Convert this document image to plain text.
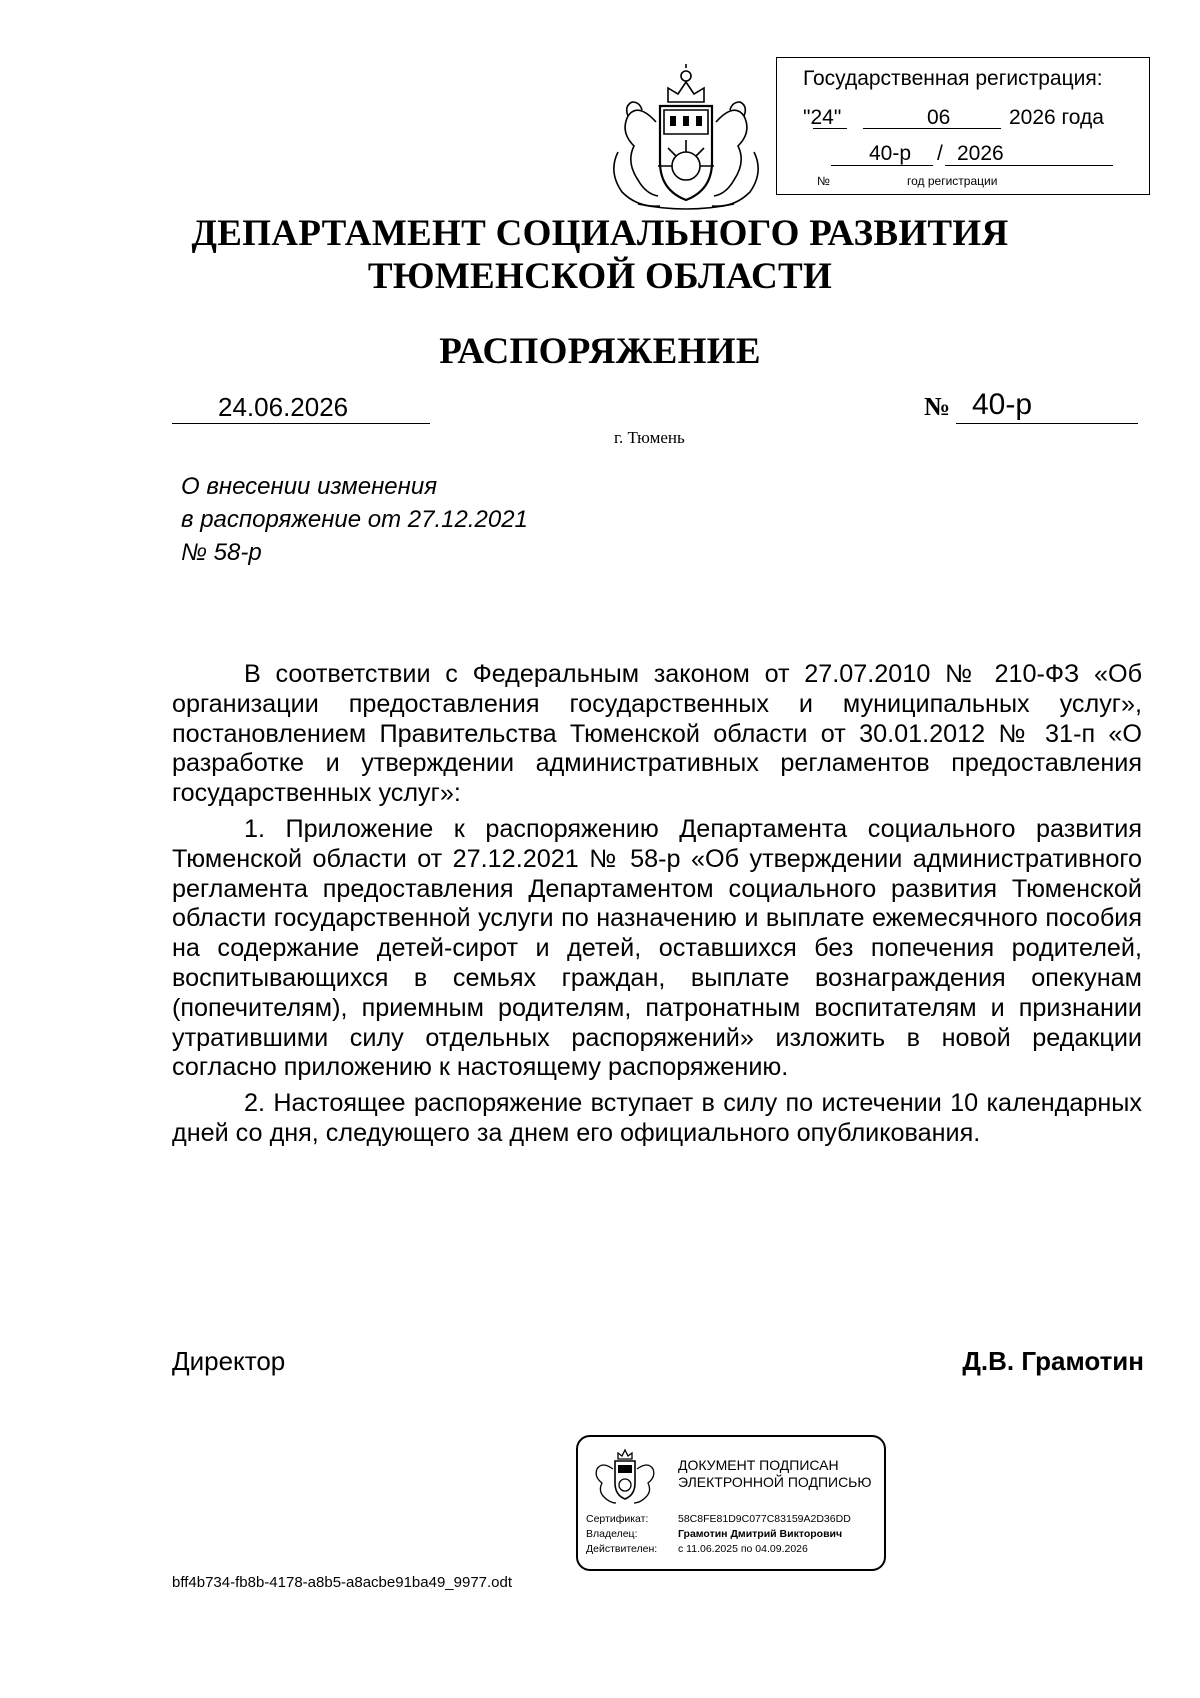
Государственная регистрация:
"24"	06	2026 года
40-р / 2026
№	год регистрации
ДЕПАРТАМЕНТ СОЦИАЛЬНОГО РАЗВИТИЯ
ТЮМЕНСКОЙ ОБЛАСТИ
РАСПОРЯЖЕНИЕ
24.06.2026	№ 40-р
г. Тюмень
О внесении изменения
в распоряжение от 27.12.2021
№ 58-р

В соответствии с Федеральным законом от 27.07.2010 № 210-ФЗ «Об организации предоставления государственных и муниципальных услуг», постановлением Правительства Тюменской области от 30.01.2012 № 31-п «О разработке и утверждении административных регламентов предоставления государственных услуг»:

1. Приложение к распоряжению Департамента социального развития Тюменской области от 27.12.2021 № 58-р «Об утверждении административного регламента предоставления Департаментом социального развития Тюменской области государственной услуги по назначению и выплате ежемесячного пособия на содержание детей-сирот и детей, оставшихся без попечения родителей, воспитывающихся в семьях граждан, выплате вознаграждения опекунам (попечителям), приемным родителям, патронатным воспитателям и признании утратившими силу отдельных распоряжений» изложить в новой редакции согласно приложению к настоящему распоряжению.

2. Настоящее распоряжение вступает в силу по истечении 10 календарных дней со дня, следующего за днем его официального опубликования.

Директор	Д.В. Грамотин
ДОКУМЕНТ ПОДПИСАН
ЭЛЕКТРОННОЙ ПОДПИСЬЮ
Сертификат:	58C8FE81D9C077C83159A2D36DD
Владелец:	Грамотин Дмитрий Викторович
Действителен: с 11.06.2025 по 04.09.2026
bff4b734-fb8b-4178-a8b5-a8acbe91ba49_9977.odt
